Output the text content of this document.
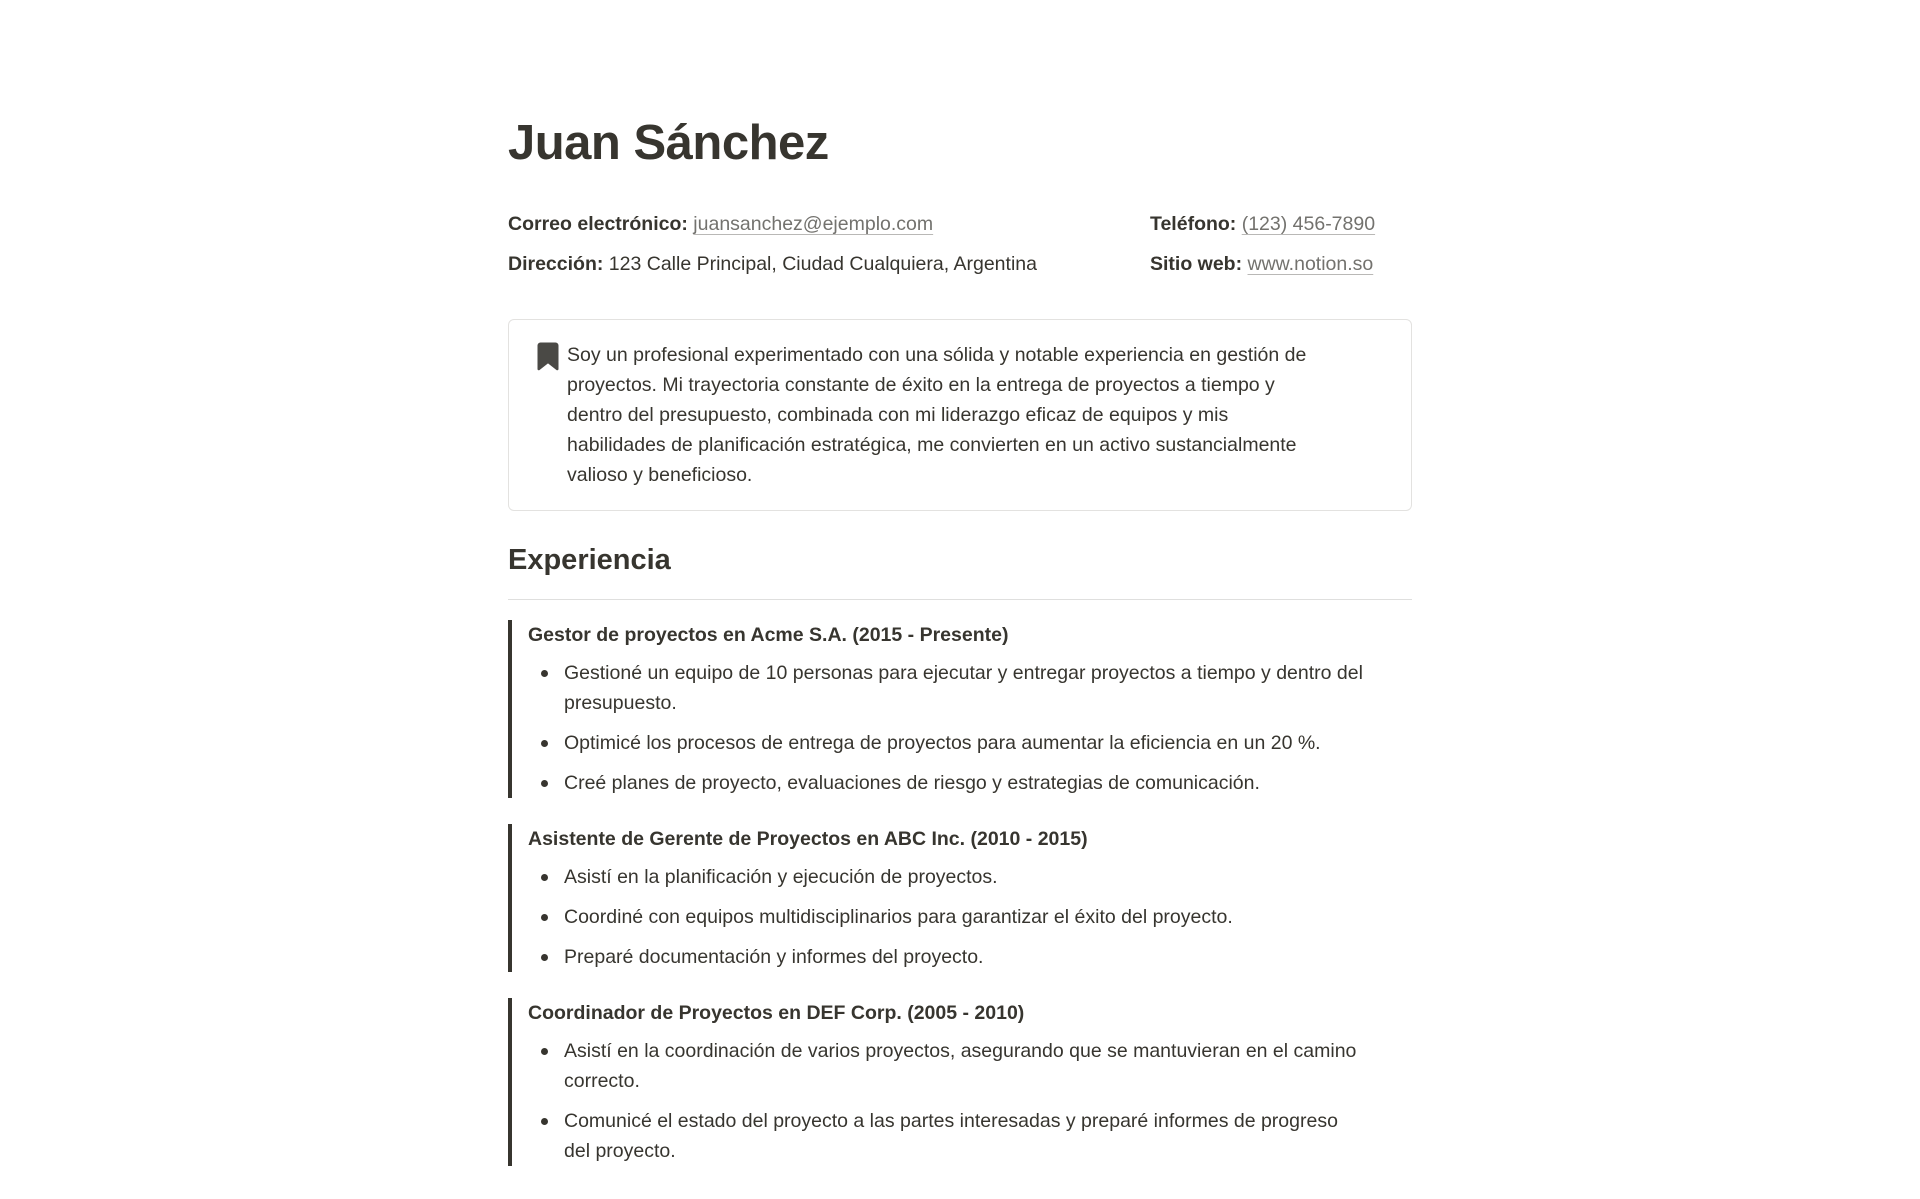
Juan Sánchez

Correo electrónico: juansanchez@ejemplo.com

Dirección: 123 Calle Principal, Ciudad Cualquiera, Argentina

Teléfono: (123) 456-7890

Sitio web: www.notion.so

Soy un profesional experimentado con una sólida y notable experiencia en gestión de proyectos. Mi trayectoria constante de éxito en la entrega de proyectos a tiempo y dentro del presupuesto, combinada con mi liderazgo eficaz de equipos y mis habilidades de planificación estratégica, me convierten en un activo sustancialmente valioso y beneficioso.
Experiencia
Gestor de proyectos en Acme S.A. (2015 - Presente)
Gestioné un equipo de 10 personas para ejecutar y entregar proyectos a tiempo y dentro del presupuesto.
Optimicé los procesos de entrega de proyectos para aumentar la eficiencia en un 20 %.
Creé planes de proyecto, evaluaciones de riesgo y estrategias de comunicación.
Asistente de Gerente de Proyectos en ABC Inc. (2010 - 2015)
Asistí en la planificación y ejecución de proyectos.
Coordiné con equipos multidisciplinarios para garantizar el éxito del proyecto.
Preparé documentación y informes del proyecto.
Coordinador de Proyectos en DEF Corp. (2005 - 2010)
Asistí en la coordinación de varios proyectos, asegurando que se mantuvieran en el camino correcto.
Comunicé el estado del proyecto a las partes interesadas y preparé informes de progreso del proyecto.
